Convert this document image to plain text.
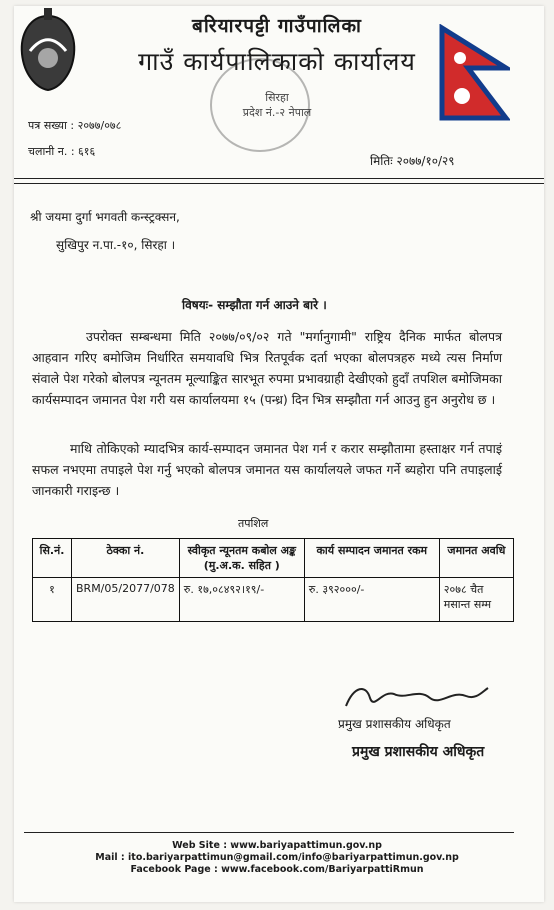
बरियारपट्टी गाउँपालिका
गाउँ कार्यपालिकाको कार्यालय
सिरहा
प्रदेश नं.-२ नेपाल
पत्र सख्या : २०७७/०७८
चलानी न. : ६१६
मितिः २०७७/१०/२९
श्री जयमा दुर्गा भगवती कन्स्ट्रक्सन,
सुखिपुर न.पा.-१०, सिरहा ।
विषयः- सम्झौता गर्न आउने बारे ।
उपरोक्त सम्बन्धमा मिति २०७७/०९/०२ गते "मर्गानुगामी" राष्ट्रिय दैनिक मार्फत बोलपत्र आहवान गरिए बमोजिम निर्धारित समयावधि भित्र रितपूर्वक दर्ता भएका बोलपत्रहरु मध्ये त्यस निर्माण संवाले पेश गरेको बोलपत्र न्यूनतम मूल्याङ्कित सारभूत रुपमा प्रभावग्राही देखीएको हुदाँ तपशिल बमोजिमका कार्यसम्पादन जमानत पेश गरी यस कार्यालयमा १५ (पन्ध्र) दिन भित्र सम्झौता गर्न आउनु हुन अनुरोध छ ।
माथि तोकिएको म्यादभित्र कार्य-सम्पादन जमानत पेश गर्न र करार सम्झौतामा हस्ताक्षर गर्न तपाइं सफल नभएमा तपाइले पेश गर्नु भएको बोलपत्र जमानत यस कार्यालयले जफत गर्ने ब्यहोरा पनि तपाइलाई जानकारी गराइन्छ ।
तपशिल
सि.नं.	ठेक्का नं.	स्वीकृत न्यूनतम कबोल अङ्क (मु.अ.क. सहित )	कार्य सम्पादन जमानत रकम	जमानत अवधि
१	BRM/05/2077/078	रु. १७,०८४९२।१९/-	रु. ३९२०००/-	२०७८ चैत मसान्त सम्म
प्रमुख प्रशासकीय अधिकृत
प्रमुख प्रशासकीय अधिकृत
Web Site : www.bariyapattimun.gov.np
Mail : ito.bariyarpattimun@gmail.com/info@bariyarpattimun.gov.np
Facebook Page : www.facebook.com/BariyarpattiRmun
